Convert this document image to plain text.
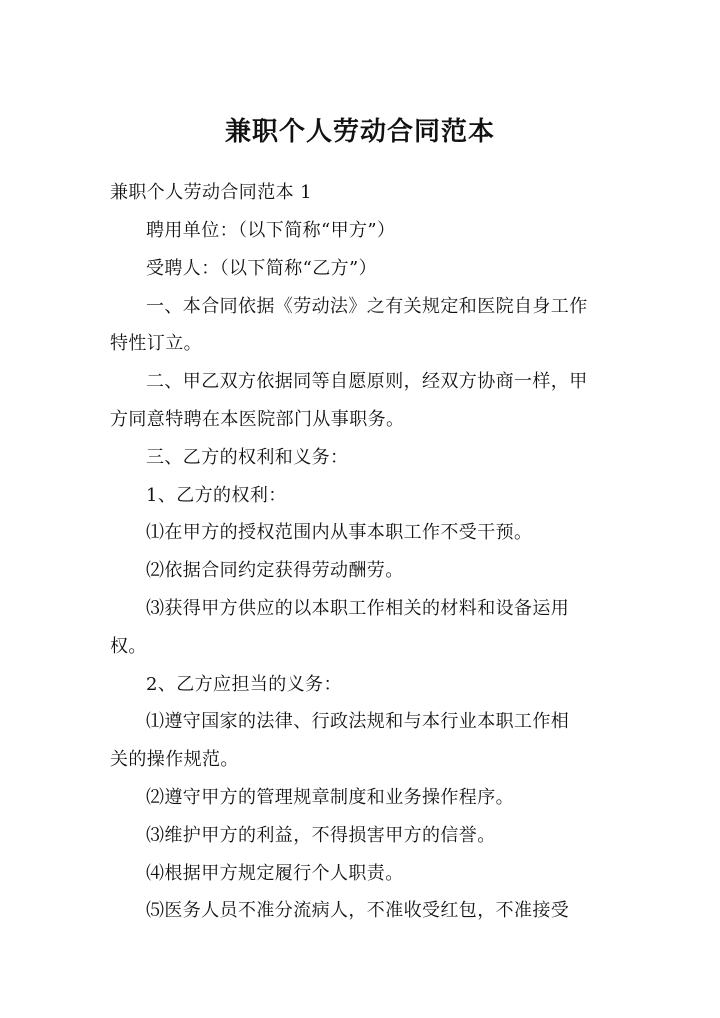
兼职个人劳动合同范本
兼职个人劳动合同范本 1
聘用单位：（以下简称“甲方”）
受聘人：（以下简称“乙方”）
一、本合同依据《劳动法》之有关规定和医院自身工作
特性订立。
二、甲乙双方依据同等自愿原则，经双方协商一样，甲
方同意特聘在本医院部门从事职务。
三、乙方的权利和义务：
1、乙方的权利：
⑴在甲方的授权范围内从事本职工作不受干预。
⑵依据合同约定获得劳动酬劳。
⑶获得甲方供应的以本职工作相关的材料和设备运用
权。
2、乙方应担当的义务：
⑴遵守国家的法律、行政法规和与本行业本职工作相
关的操作规范。
⑵遵守甲方的管理规章制度和业务操作程序。
⑶维护甲方的利益，不得损害甲方的信誉。
⑷根据甲方规定履行个人职责。
⑸医务人员不准分流病人，不准收受红包，不准接受
